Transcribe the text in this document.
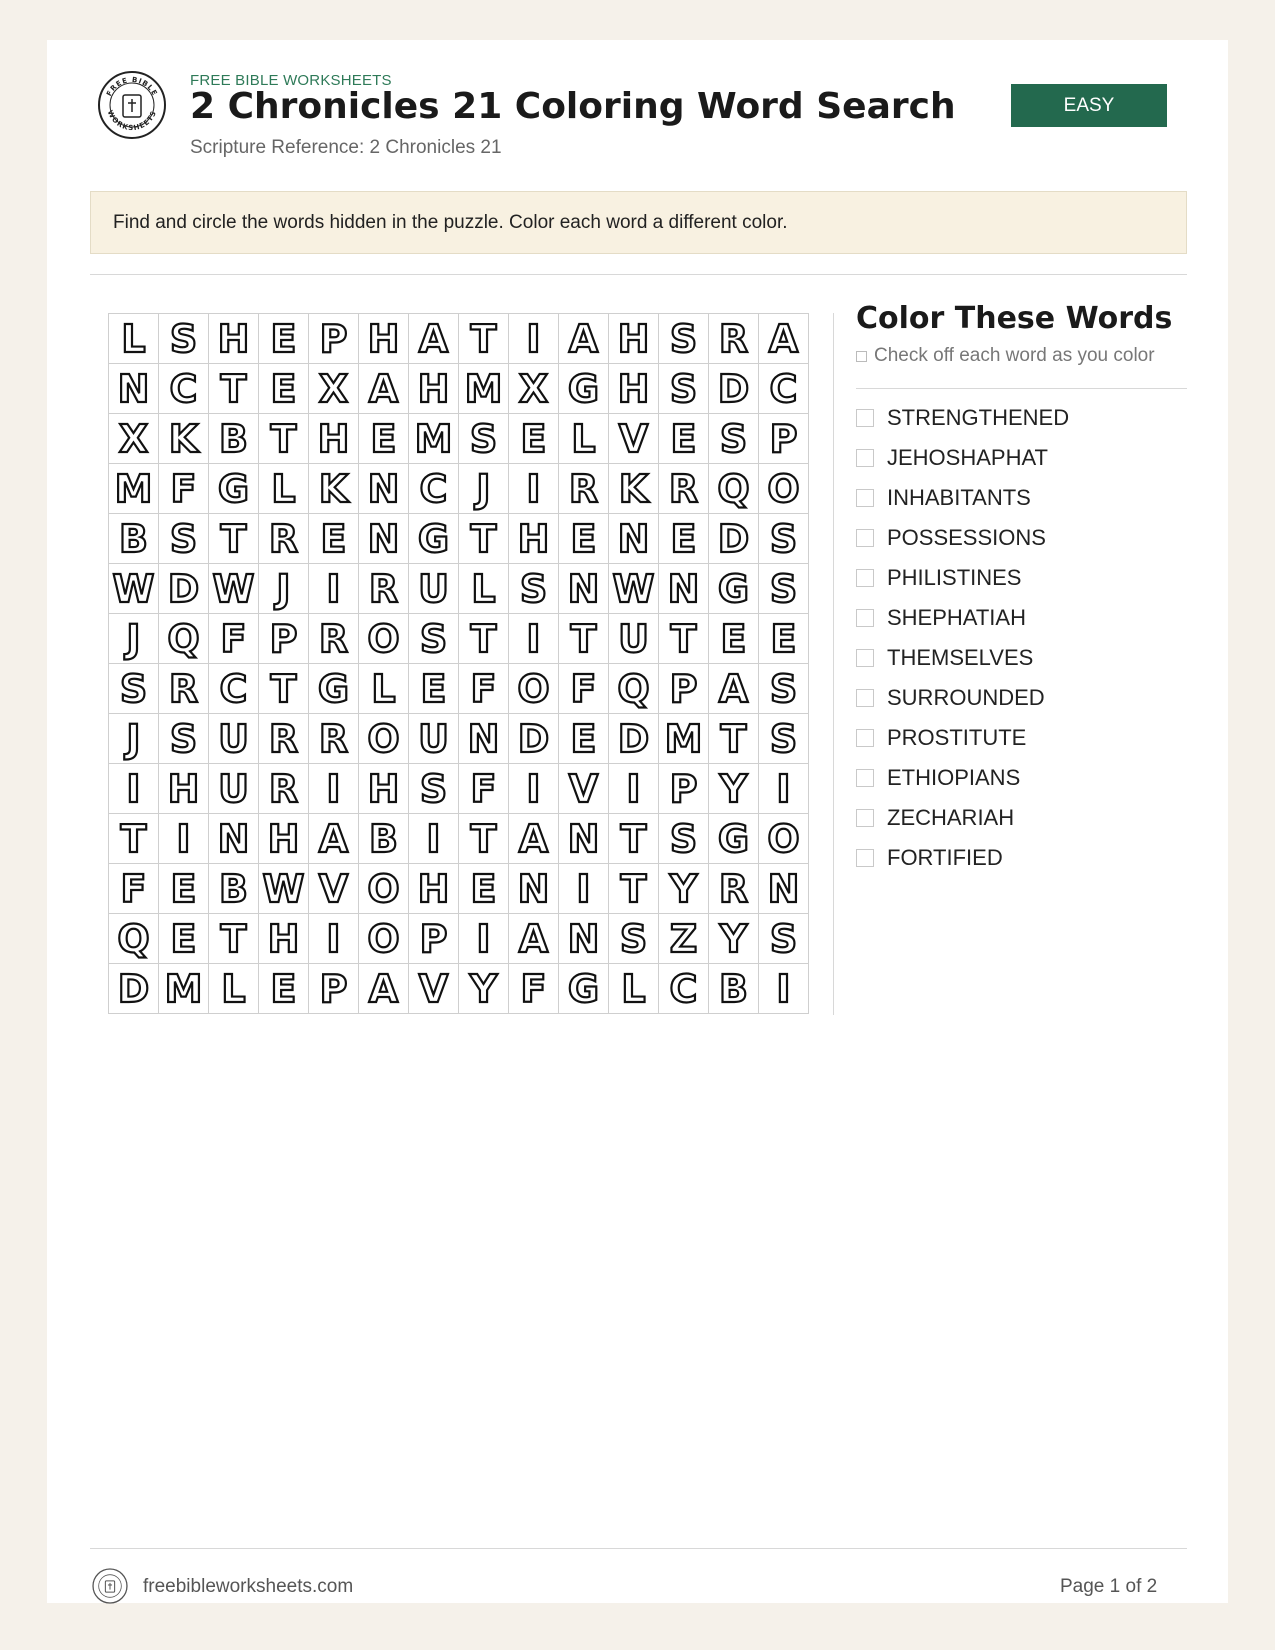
FREE BIBLE
WORKSHEETS
FREE BIBLE WORKSHEETS
2 Chronicles 21 Coloring Word Search
Scripture Reference: 2 Chronicles 21
EASY
Find and circle the words hidden in the puzzle. Color each word a different color.
L S H E P H A T I A H S R A
N C T E X A H M X G H S D C
X K B T H E M S E L V E S P
M F G L K N C J I R K R Q O
B S T R E N G T H E N E D S
W D W J I R U L S N W N G S
J Q F P R O S T I T U T E E
S R C T G L E F O F Q P A S
J S U R R O U N D E D M T S
I H U R I H S F I V I P Y I
T I N H A B I T A N T S G O
F E B W V O H E N I T Y R N
Q E T H I O P I A N S Z Y S
D M L E P A V Y F G L C B I
Color These Words
Check off each word as you color
STRENGTHENED
JEHOSHAPHAT
INHABITANTS
POSSESSIONS
PHILISTINES
SHEPHATIAH
THEMSELVES
SURROUNDED
PROSTITUTE
ETHIOPIANS
ZECHARIAH
FORTIFIED
freebibleworksheets.com	Page 1 of 2
